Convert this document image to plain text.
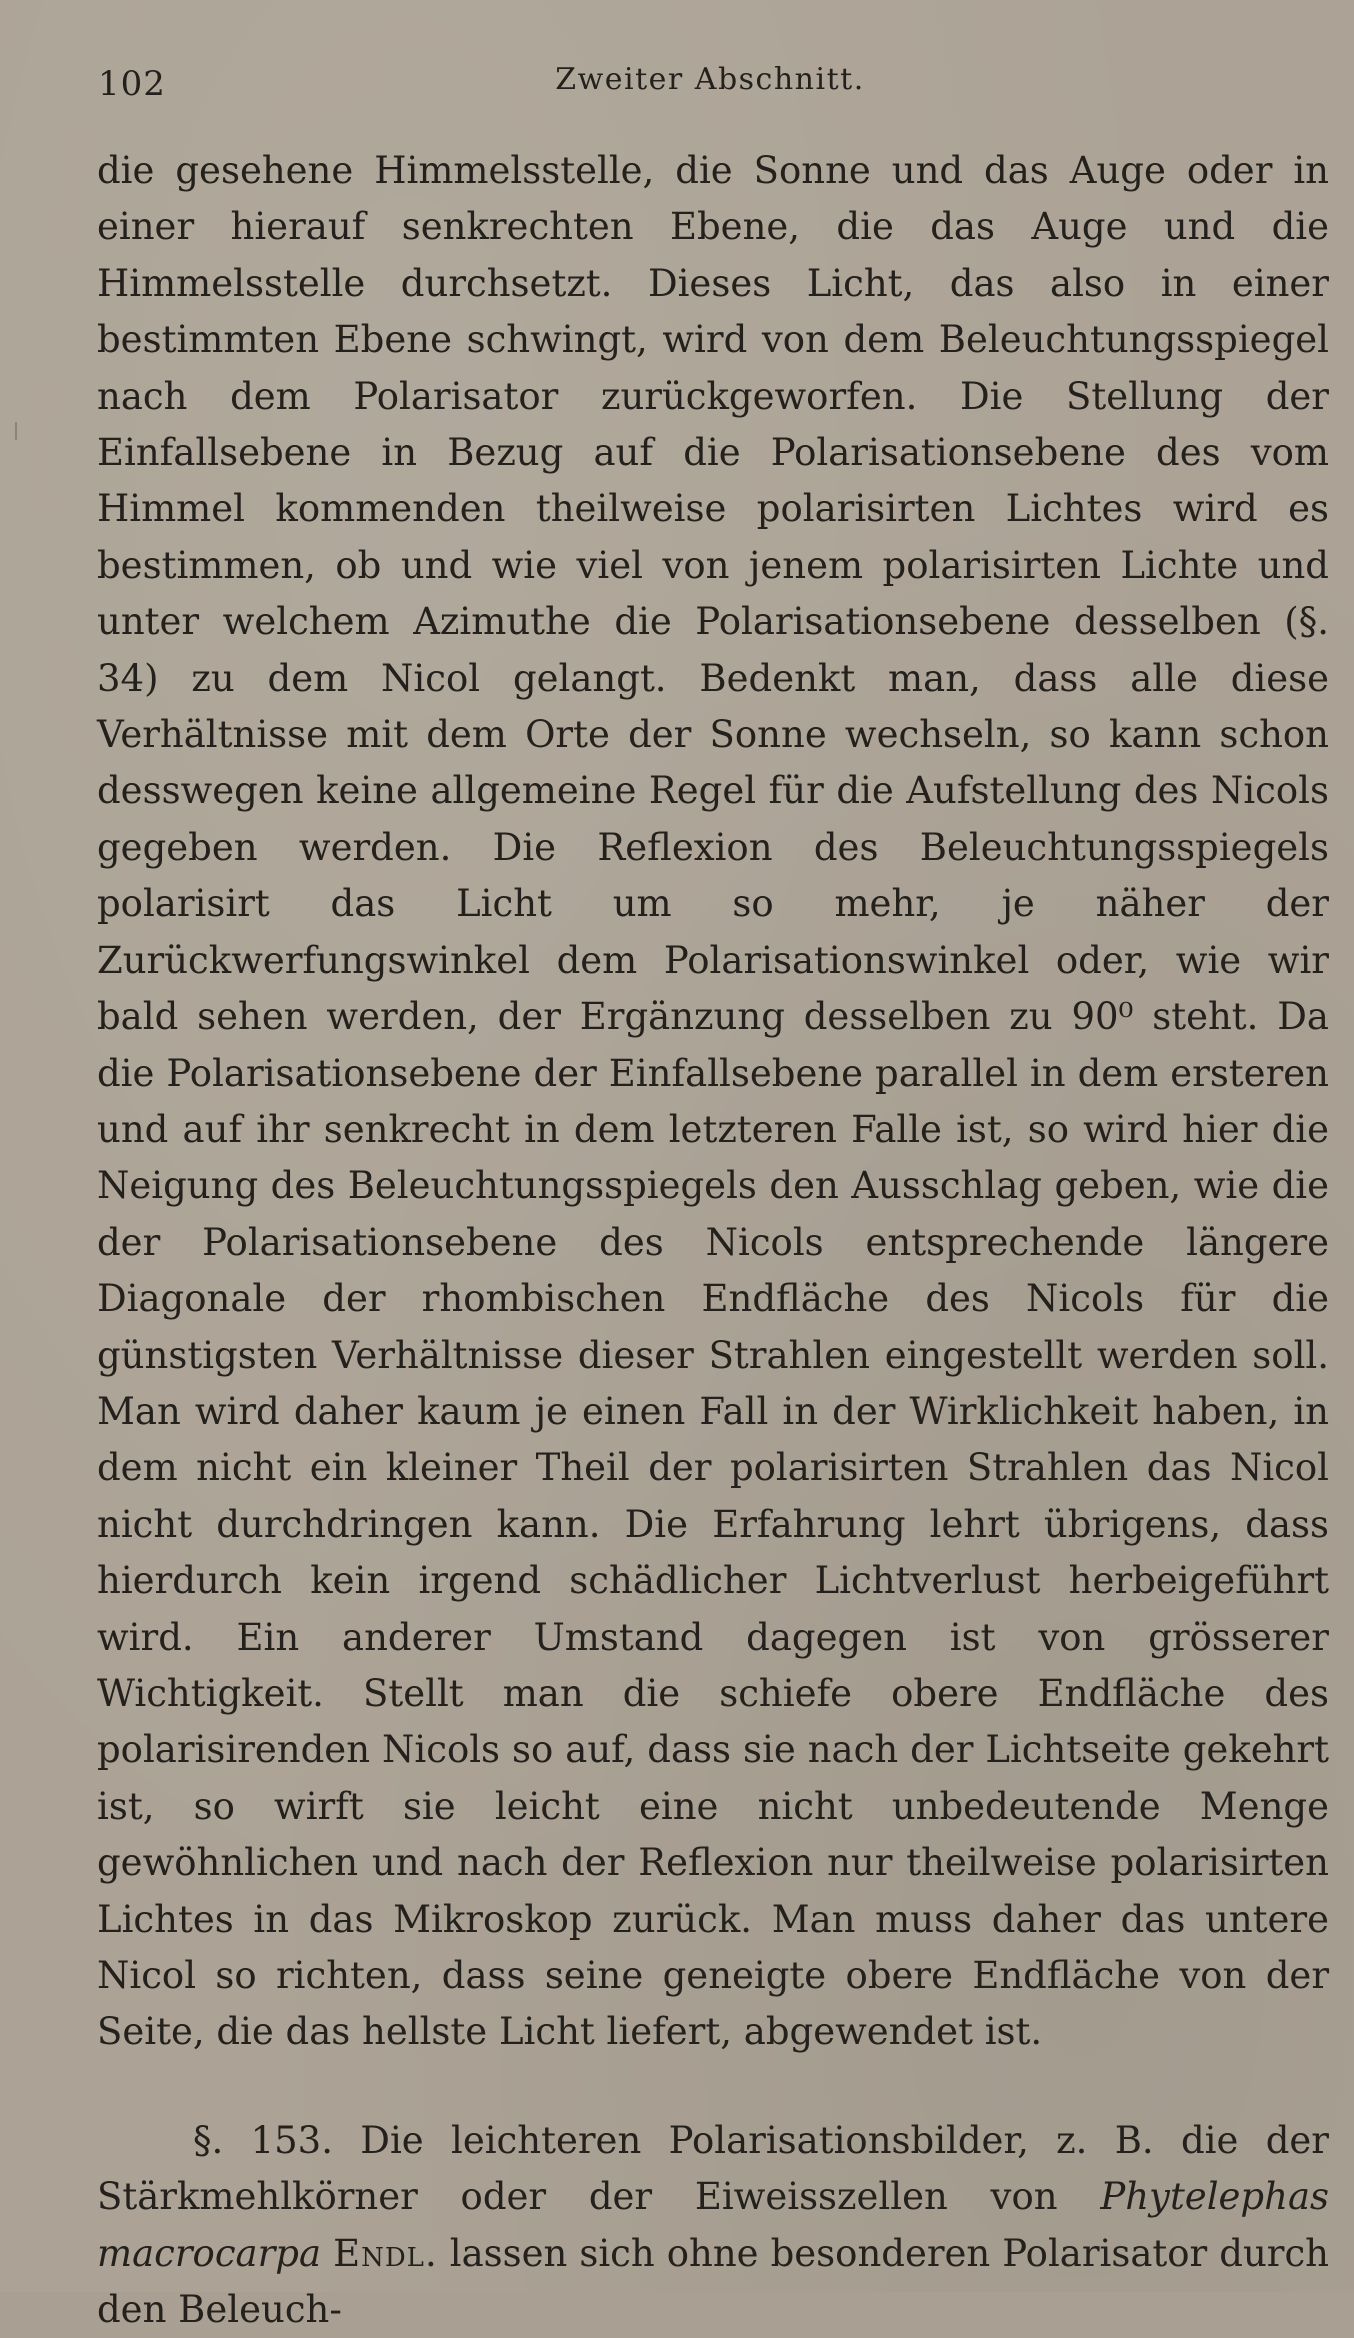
102	Zweiter Abschnitt.

die gesehene Himmelsstelle, die Sonne und das Auge oder in einer hierauf senkrechten Ebene, die das Auge und die Himmelsstelle durchsetzt. Dieses Licht, das also in einer bestimmten Ebene schwingt, wird von dem Beleuchtungsspiegel nach dem Polarisator zurückgeworfen. Die Stellung der Einfallsebene in Bezug auf die Polarisationsebene des vom Himmel kommenden theilweise polarisirten Lichtes wird es bestimmen, ob und wie viel von jenem polarisirten Lichte und unter welchem Azimuthe die Polarisationsebene desselben (§. 34) zu dem Nicol gelangt. Bedenkt man, dass alle diese Verhältnisse mit dem Orte der Sonne wechseln, so kann schon desswegen keine allgemeine Regel für die Aufstellung des Nicols gegeben werden. Die Reflexion des Beleuchtungsspiegels polarisirt das Licht um so mehr, je näher der Zurückwerfungswinkel dem Polarisationswinkel oder, wie wir bald sehen werden, der Ergänzung desselben zu 90⁰ steht. Da die Polarisationsebene der Einfallsebene parallel in dem ersteren und auf ihr senkrecht in dem letzteren Falle ist, so wird hier die Neigung des Beleuchtungsspiegels den Ausschlag geben, wie die der Polarisationsebene des Nicols entsprechende längere Diagonale der rhombischen Endfläche des Nicols für die günstigsten Verhältnisse dieser Strahlen eingestellt werden soll. Man wird daher kaum je einen Fall in der Wirklichkeit haben, in dem nicht ein kleiner Theil der polarisirten Strahlen das Nicol nicht durchdringen kann. Die Erfahrung lehrt übrigens, dass hierdurch kein irgend schädlicher Lichtverlust herbeigeführt wird. Ein anderer Umstand dagegen ist von grösserer Wichtigkeit. Stellt man die schiefe obere Endfläche des polarisirenden Nicols so auf, dass sie nach der Lichtseite gekehrt ist, so wirft sie leicht eine nicht unbedeutende Menge gewöhnlichen und nach der Reflexion nur theilweise polarisirten Lichtes in das Mikroskop zurück. Man muss daher das untere Nicol so richten, dass seine geneigte obere Endfläche von der Seite, die das hellste Licht liefert, abgewendet ist.

§. 153. Die leichteren Polarisationsbilder, z. B. die der Stärkmehlkörner oder der Eiweisszellen von Phytelephas macrocarpa Endl. lassen sich ohne besonderen Polarisator durch den Beleuch-
